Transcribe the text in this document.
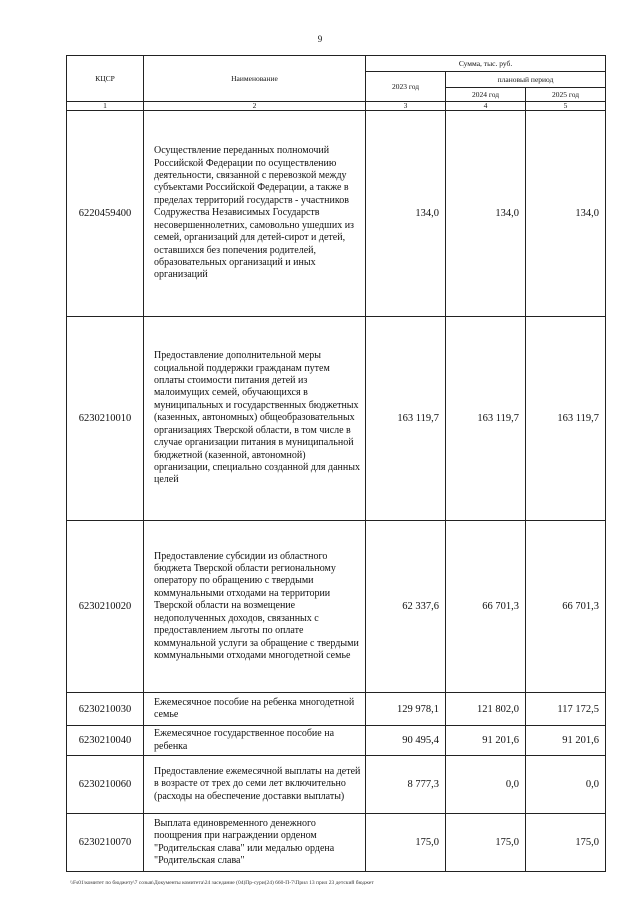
9
КЦСР	Наименование	Сумма, тыс. руб.		
		2023 год	плановый период	
			2024 год	2025 год
1	2	3	4	5
6220459400	Осуществление переданных полномочий Российской Федерации по осуществлению деятельности, связанной с перевозкой между субъектами Российской Федерации, а также в пределах территорий государств - участников Содружества Независимых Государств несовершеннолетних, самовольно ушедших из семей, организаций для детей-сирот и детей, оставшихся без попечения родителей, образовательных организаций и иных организаций	134,0	134,0	134,0
6230210010	Предоставление дополнительной меры социальной поддержки гражданам путем оплаты стоимости питания детей из малоимущих семей, обучающихся в муниципальных и государственных бюджетных (казенных, автономных) общеобразовательных организациях Тверской области, в том числе в случае организации питания в муниципальной бюджетной (казенной, автономной) организации, специально созданной для данных целей	163 119,7	163 119,7	163 119,7
6230210020	Предоставление субсидии из областного бюджета Тверской области региональному оператору по обращению с твердыми коммунальными отходами на территории Тверской области на возмещение недополученных доходов, связанных с предоставлением льготы по оплате коммунальной услуги за обращение с твердыми коммунальными отходами многодетной семье	62 337,6	66 701,3	66 701,3
6230210030	Ежемесячное пособие на ребенка многодетной семье	129 978,1	121 802,0	117 172,5
6230210040	Ежемесячное государственное пособие на ребенка	90 495,4	91 201,6	91 201,6
6230210060	Предоставление ежемесячной выплаты на детей в возрасте от трех до семи лет включительно (расходы на обеспечение доставки выплаты)	8 777,3	0,0	0,0
6230210070	Выплата единовременного денежного поощрения при награждении орденом "Родительская слава" или медалью ордена "Родительская слава"	175,0	175,0	175,0
\\Fs01\комитет по бюджету\7 созыв\Документы комитета\24 заседание (04)Пр-сури(24) 660-П-7\Прил 13 прил 23 детский бюджет
